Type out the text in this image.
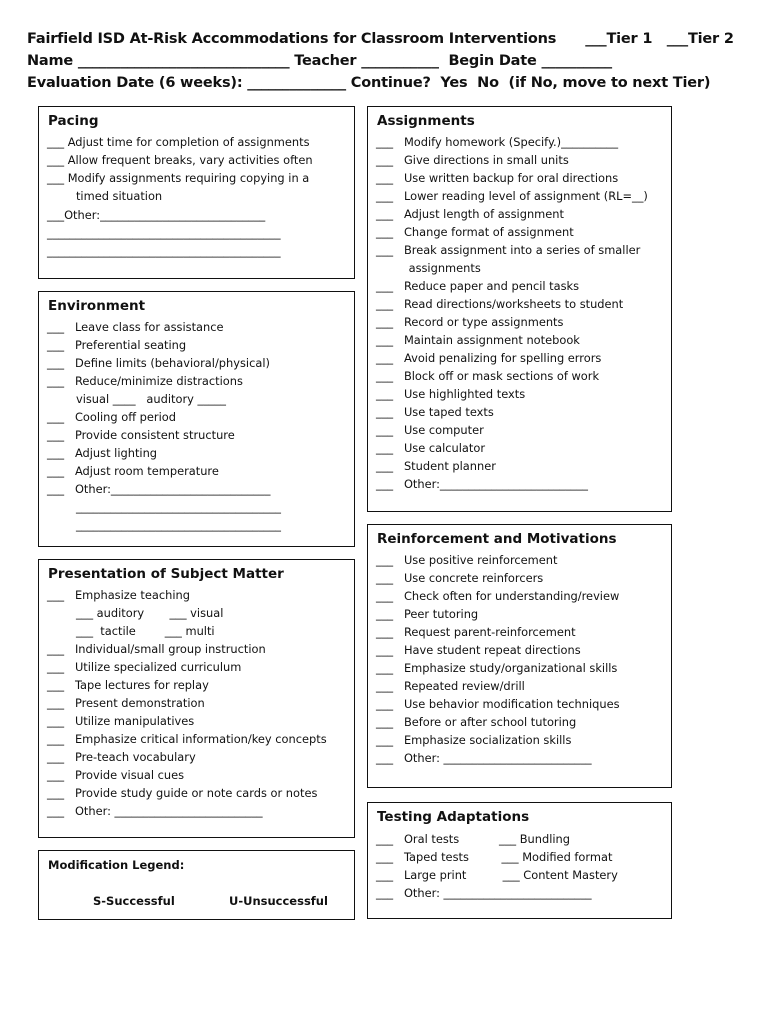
Fairfield ISD At-Risk Accommodations for Classroom Interventions      ___Tier 1   ___Tier 2
Name ______________________________ Teacher ___________  Begin Date __________
Evaluation Date (6 weeks): ______________ Continue?  Yes  No  (if No, move to next Tier)
Pacing
___ Adjust time for completion of assignments
___ Allow frequent breaks, vary activities often
___ Modify assignments requiring copying in a
timed situation
___Other:_____________________________
_________________________________________
_________________________________________
Environment
___   Leave class for assistance
___   Preferential seating
___   Define limits (behavioral/physical)
___   Reduce/minimize distractions
visual ____   auditory _____
___   Cooling off period
___   Provide consistent structure
___   Adjust lighting
___   Adjust room temperature
___   Other:____________________________
____________________________________
____________________________________
Presentation of Subject Matter
___   Emphasize teaching
___ auditory       ___ visual
___  tactile        ___ multi
___   Individual/small group instruction
___   Utilize specialized curriculum
___   Tape lectures for replay
___   Present demonstration
___   Utilize manipulatives
___   Emphasize critical information/key concepts
___   Pre-teach vocabulary
___   Provide visual cues
___   Provide study guide or note cards or notes
___   Other: __________________________
Modification Legend:
S-Successful	U-Unsuccessful
Assignments
___   Modify homework (Specify.)__________
___   Give directions in small units
___   Use written backup for oral directions
___   Lower reading level of assignment (RL=__)
___   Adjust length of assignment
___   Change format of assignment
___   Break assignment into a series of smaller
assignments
___   Reduce paper and pencil tasks
___   Read directions/worksheets to student
___   Record or type assignments
___   Maintain assignment notebook
___   Avoid penalizing for spelling errors
___   Block off or mask sections of work
___   Use highlighted texts
___   Use taped texts
___   Use computer
___   Use calculator
___   Student planner
___   Other:__________________________
Reinforcement and Motivations
___   Use positive reinforcement
___   Use concrete reinforcers
___   Check often for understanding/review
___   Peer tutoring
___   Request parent-reinforcement
___   Have student repeat directions
___   Emphasize study/organizational skills
___   Repeated review/drill
___   Use behavior modification techniques
___   Before or after school tutoring
___   Emphasize socialization skills
___   Other: __________________________
Testing Adaptations
___   Oral tests           ___ Bundling
___   Taped tests         ___ Modified format
___   Large print          ___ Content Mastery
___   Other: __________________________
